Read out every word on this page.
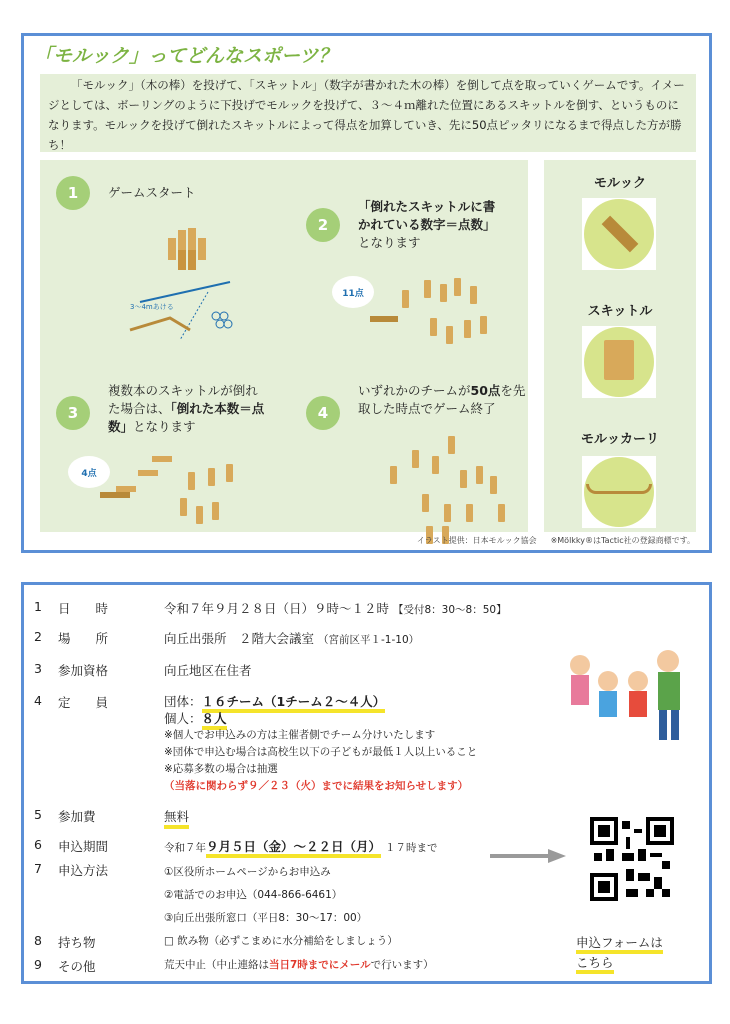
「モルック」ってどんなスポーツ？
「モルック」（木の棒）を投げて、「スキットル」（数字が書かれた木の棒）を倒して点を取っていくゲームです。イメージとしては、ボーリングのように下投げでモルックを投げて、３～４ｍ離れた位置にあるスキットルを倒す、というものになります。モルックを投げて倒れたスキットルによって得点を加算していき、先に50点ピッタリになるまで得点した方が勝ち！
1	ゲームスタート
3～4mあける
2
「倒れたスキットルに書かれている数字＝点数」となります
11点
3
複数本のスキットルが倒れた場合は、「倒れた本数＝点数」となります
4点
4
いずれかのチームが50点を先取した時点でゲーム終了
モルック
スキットル
モルッカーリ
イラスト提供：日本モルック協会 ※Mölkky®はTactic社の登録商標です。
1	日　　時	令和７年９月２８日（日）９時～１２時 【受付8：30～8：50】
2	場　　所	向丘出張所　２階大会議室 （宮前区平１-1-10）
3	参加資格	向丘地区在住者
4	定　　員	団体：１６チーム（1チーム２～４人）
個人：８人
※個人でお申込みの方は主催者側でチーム分けいたします
※団体で申込む場合は高校生以下の子どもが最低１人以上いること
※応募多数の場合は抽選
（当落に関わらず９／２３（火）までに結果をお知らせします）
5	参加費	無料
6	申込期間	令和７年９月５日（金）～２２日（月） １７時まで
7	申込方法	①区役所ホームページからお申込み
②電話でのお申込（044-866-6461）
③向丘出張所窓口（平日8：30～17：00）
8	持ち物	□ 飲み物（必ずこまめに水分補給をしましょう）
9	その他	荒天中止（中止連絡は当日7時までにメールで行います）
申込フォームは
こちら
